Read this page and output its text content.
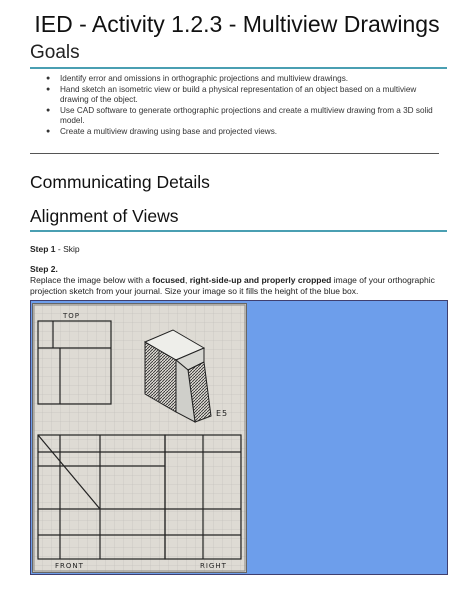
IED - Activity 1.2.3 - Multiview Drawings
Goals
● Identify error and omissions in orthographic projections and multiview drawings.
● Hand sketch an isometric view or build a physical representation of an object based on a multiview drawing of the object.
● Use CAD software to generate orthographic projections and create a multiview drawing from a 3D solid model.
● Create a multiview drawing using base and projected views.
Communicating Details
Alignment of Views
Step 1 - Skip
Step 2.
Replace the image below with a focused, right-side-up and properly cropped image of your orthographic projection sketch from your journal. Size your image so it fills the height of the blue box.
TOP
E5
FRONT	RIGHT
